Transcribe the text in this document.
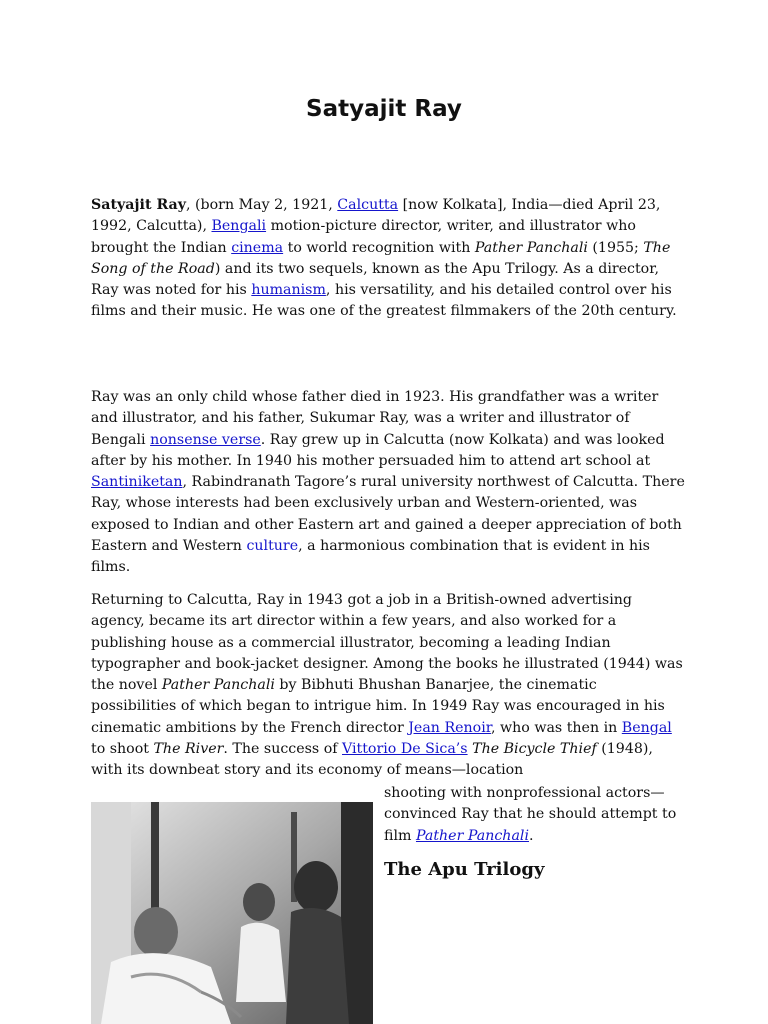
Satyajit Ray

Satyajit Ray, (born May 2, 1921, Calcutta [now Kolkata], India—died April 23, 1992, Calcutta), Bengali motion-picture director, writer, and illustrator who brought the Indian cinema to world recognition with Pather Panchali (1955; The Song of the Road) and its two sequels, known as the Apu Trilogy. As a director, Ray was noted for his humanism, his versatility, and his detailed control over his films and their music. He was one of the greatest filmmakers of the 20th century.

Ray was an only child whose father died in 1923. His grandfather was a writer and illustrator, and his father, Sukumar Ray, was a writer and illustrator of Bengali nonsense verse. Ray grew up in Calcutta (now Kolkata) and was looked after by his mother. In 1940 his mother persuaded him to attend art school at Santiniketan, Rabindranath Tagore’s rural university northwest of Calcutta. There Ray, whose interests had been exclusively urban and Western-oriented, was exposed to Indian and other Eastern art and gained a deeper appreciation of both Eastern and Western culture, a harmonious combination that is evident in his films.

Returning to Calcutta, Ray in 1943 got a job in a British-owned advertising agency, became its art director within a few years, and also worked for a publishing house as a commercial illustrator, becoming a leading Indian typographer and book-jacket designer. Among the books he illustrated (1944) was the novel Pather Panchali by Bibhuti Bhushan Banarjee, the cinematic possibilities of which began to intrigue him. In 1949 Ray was encouraged in his cinematic ambitions by the French director Jean Renoir, who was then in Bengal to shoot The River. The success of Vittorio De Sica’s The Bicycle Thief (1948), with its downbeat story and its economy of means—location

shooting with nonprofessional actors—convinced Ray that he should attempt to film Pather Panchali.

The Apu Trilogy
